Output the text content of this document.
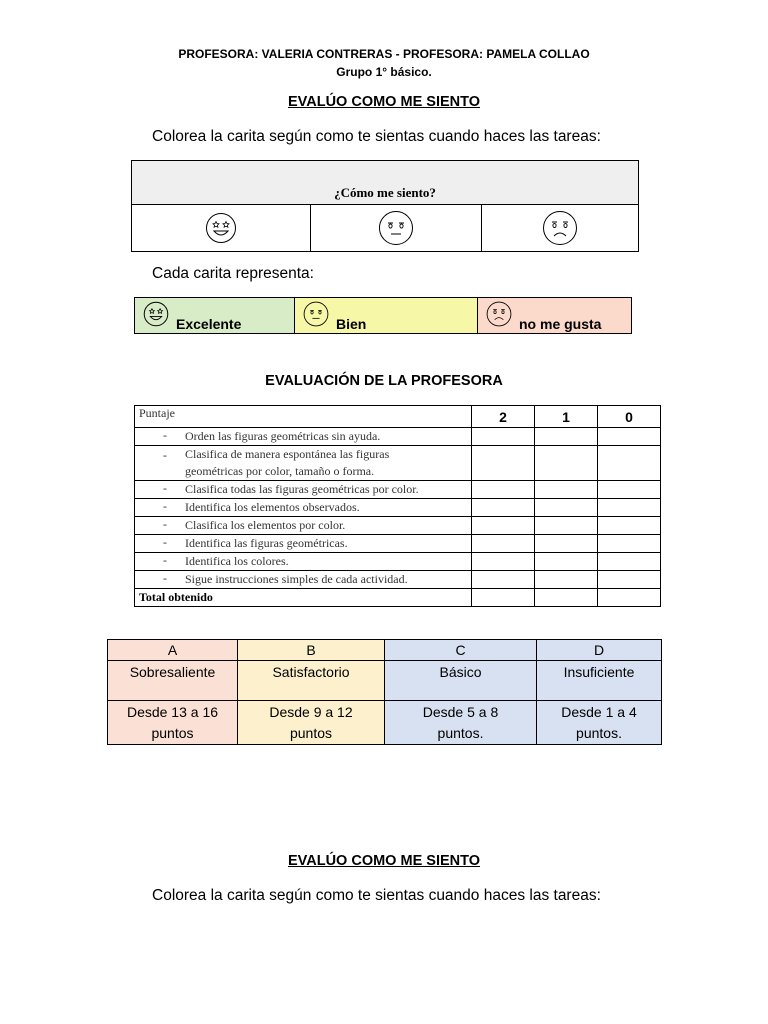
PROFESORA: VALERIA CONTRERAS - PROFESORA: PAMELA COLLAO
Grupo 1° básico.
EVALÚO COMO ME SIENTO
Colorea la carita según como te sientas cuando haces las tareas:
¿Cómo me siento?

Cada carita representa:
Excelente	Bien	no me gusta
EVALUACIÓN DE LA PROFESORA
Puntaje	2	1	0

- Orden las figuras geométricas sin ayuda.			

- Clasifica de manera espontánea las figuras geométricas por color, tamaño o forma.			

- Clasifica todas las figuras geométricas por color.			

- Identifica los elementos observados.			

- Clasifica los elementos por color.			

- Identifica las figuras geométricas.			

- Identifica los colores.			

- Sigue instrucciones simples de cada actividad.			

Total obtenido			
A	B	C	D
Sobresaliente	Satisfactorio	Básico	Insuficiente
Desde 13 a 16 puntos	Desde 9 a 12 puntos	Desde 5 a 8 puntos.	Desde 1 a 4 puntos.
EVALÚO COMO ME SIENTO
Colorea la carita según como te sientas cuando haces las tareas:
